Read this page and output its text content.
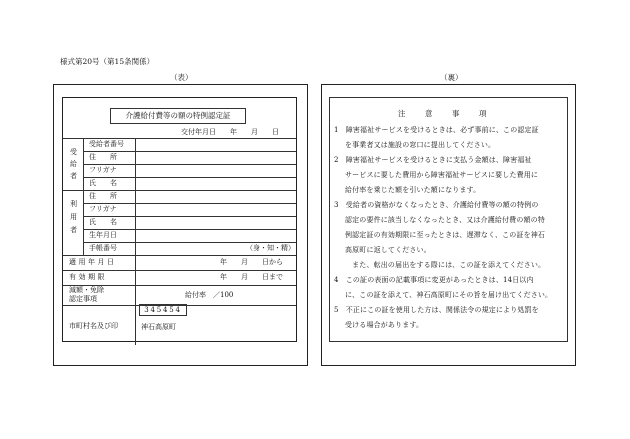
様式第20号（第15条関係）
（表）	（裏）
介護給付費等の額の特例認定証
交付年月日　　年　　月　　日
受給者
受給者番号
住　　所
フリガナ
氏　　名
利用者
住　　所
フリガナ
氏　　名
生年月日
手帳番号	（身・知・精）
適用年月日	年　　月　　日から
有効期限	年　　月　　日まで
減額・免除
認定事項	給付率　／100
市町村名及び印
345454
神石高原町
注　意　事　項
1　障害福祉サービスを受けるときは、必ず事前に、この認定証
を事業者又は施設の窓口に提出してください。
2　障害福祉サービスを受けるときに支払う金額は、障害福祉
サービスに要した費用から障害福祉サービスに要した費用に
給付率を乗じた額を引いた額になります。
3　受給者の資格がなくなったとき、介護給付費等の額の特例の
認定の要件に該当しなくなったとき、又は介護給付費の額の特
例認定証の有効期限に至ったときは、遅滞なく、この証を神石
高原町に返してください。
　また、転出の届出をする際には、この証を添えてください。
4　この証の表面の記載事項に変更があったときは、14日以内
に、この証を添えて、神石高原町にその旨を届け出てください。
5　不正にこの証を使用した方は、関係法令の規定により処罰を
受ける場合があります。
